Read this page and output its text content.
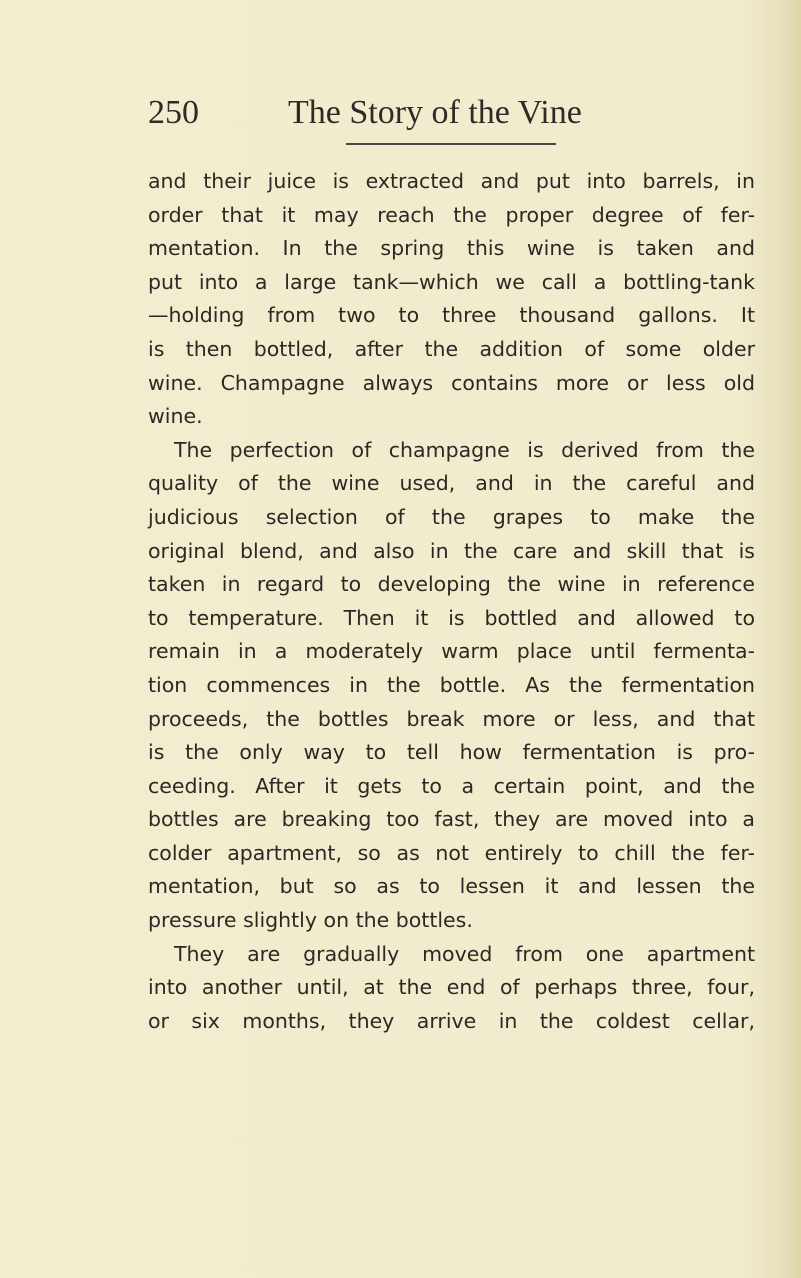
250	The Story of the Vine
and their juice is extracted and put into barrels, in
order that it may reach the proper degree of fer-
mentation. In the spring this wine is taken and
put into a large tank—which we call a bottling-tank
—holding from two to three thousand gallons. It
is then bottled, after the addition of some older
wine. Champagne always contains more or less old
wine.
The perfection of champagne is derived from the
quality of the wine used, and in the careful and
judicious selection of the grapes to make the
original blend, and also in the care and skill that is
taken in regard to developing the wine in reference
to temperature. Then it is bottled and allowed to
remain in a moderately warm place until fermenta-
tion commences in the bottle. As the fermentation
proceeds, the bottles break more or less, and that
is the only way to tell how fermentation is pro-
ceeding. After it gets to a certain point, and the
bottles are breaking too fast, they are moved into a
colder apartment, so as not entirely to chill the fer-
mentation, but so as to lessen it and lessen the
pressure slightly on the bottles.
They are gradually moved from one apartment
into another until, at the end of perhaps three, four,
or six months, they arrive in the coldest cellar,
